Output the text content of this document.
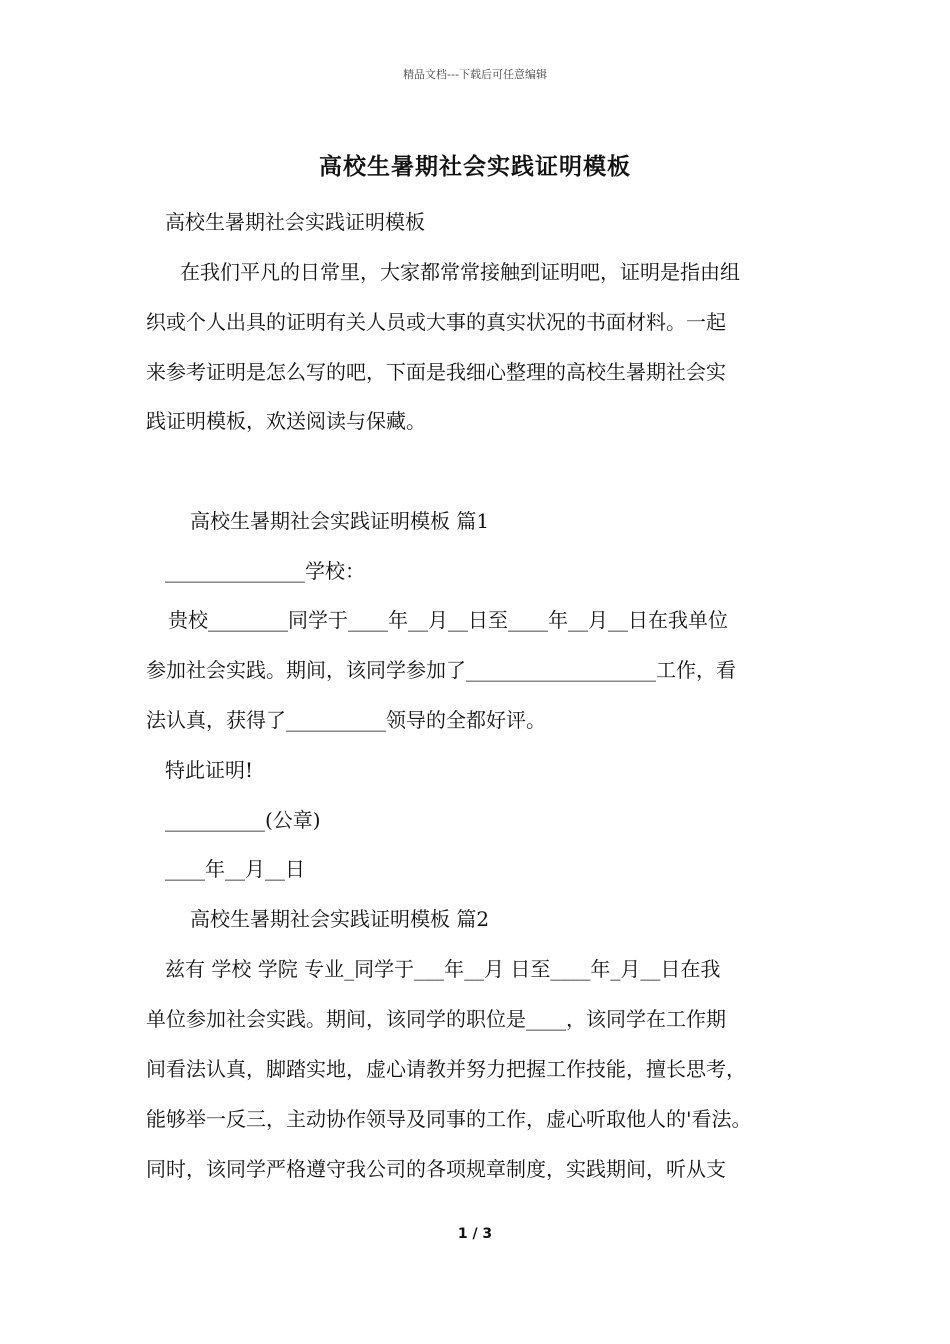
精品文档---下载后可任意编辑
高校生暑期社会实践证明模板
高校生暑期社会实践证明模板
在我们平凡的日常里，大家都常常接触到证明吧，证明是指由组
织或个人出具的证明有关人员或大事的真实状况的书面材料。一起
来参考证明是怎么写的吧，下面是我细心整理的高校生暑期社会实
践证明模板，欢送阅读与保藏。
高校生暑期社会实践证明模板 篇1
______________学校：
贵校________同学于____年__月__日至____年__月__日在我单位
参加社会实践。期间，该同学参加了___________________工作，看
法认真，获得了__________领导的全都好评。
特此证明!
__________(公章)
____年__月__日
高校生暑期社会实践证明模板 篇2
兹有 学校 学院 专业_同学于___年__月 日至____年_月__日在我
单位参加社会实践。期间，该同学的职位是____，该同学在工作期
间看法认真，脚踏实地，虚心请教并努力把握工作技能，擅长思考，
能够举一反三，主动协作领导及同事的工作，虚心听取他人的'看法。
同时，该同学严格遵守我公司的各项规章制度，实践期间，听从支
1 / 3
